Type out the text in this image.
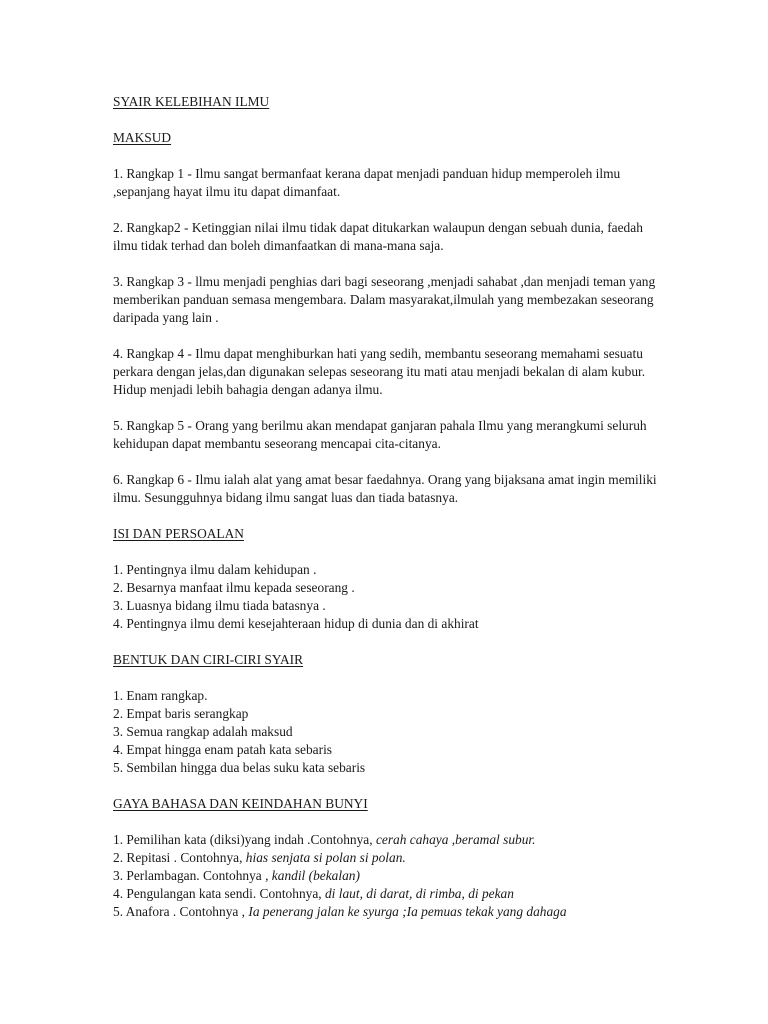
SYAIR KELEBIHAN ILMU

MAKSUD

1. Rangkap 1 - Ilmu sangat bermanfaat kerana dapat menjadi panduan hidup memperoleh ilmu ,sepanjang hayat ilmu itu dapat dimanfaat.

2. Rangkap2 - Ketinggian nilai ilmu tidak dapat ditukarkan walaupun dengan sebuah dunia, faedah ilmu tidak terhad dan boleh dimanfaatkan di mana-mana saja.

3. Rangkap 3 - llmu menjadi penghias dari bagi seseorang ,menjadi sahabat ,dan menjadi teman yang memberikan panduan semasa mengembara. Dalam masyarakat,ilmulah yang membezakan seseorang daripada yang lain .

4. Rangkap 4 - Ilmu dapat menghiburkan hati yang sedih, membantu seseorang memahami sesuatu perkara dengan jelas,dan digunakan selepas seseorang itu mati atau menjadi bekalan di alam kubur. Hidup menjadi lebih bahagia dengan adanya ilmu.

5. Rangkap 5 - Orang yang berilmu akan mendapat ganjaran pahala Ilmu yang merangkumi seluruh kehidupan dapat membantu seseorang mencapai cita-citanya.

6. Rangkap 6 - Ilmu ialah alat yang amat besar faedahnya. Orang yang bijaksana amat ingin memiliki ilmu. Sesungguhnya bidang ilmu sangat luas dan tiada batasnya.

ISI DAN PERSOALAN

1. Pentingnya ilmu dalam kehidupan .
2. Besarnya manfaat ilmu kepada seseorang .
3. Luasnya bidang ilmu tiada batasnya .
4. Pentingnya ilmu demi kesejahteraan hidup di dunia dan di akhirat

BENTUK DAN CIRI-CIRI SYAIR

1. Enam rangkap.
2. Empat baris serangkap
3. Semua rangkap adalah maksud
4. Empat hingga enam patah kata sebaris
5. Sembilan hingga dua belas suku kata sebaris

GAYA BAHASA DAN KEINDAHAN BUNYI

1. Pemilihan kata (diksi)yang indah .Contohnya, cerah cahaya ,beramal subur.
2. Repitasi . Contohnya, hias senjata si polan si polan.
3. Perlambagan. Contohnya , kandil (bekalan)
4. Pengulangan kata sendi. Contohnya, di laut, di darat, di rimba, di pekan
5. Anafora . Contohnya , Ia penerang jalan ke syurga ;Ia pemuas tekak yang dahaga
